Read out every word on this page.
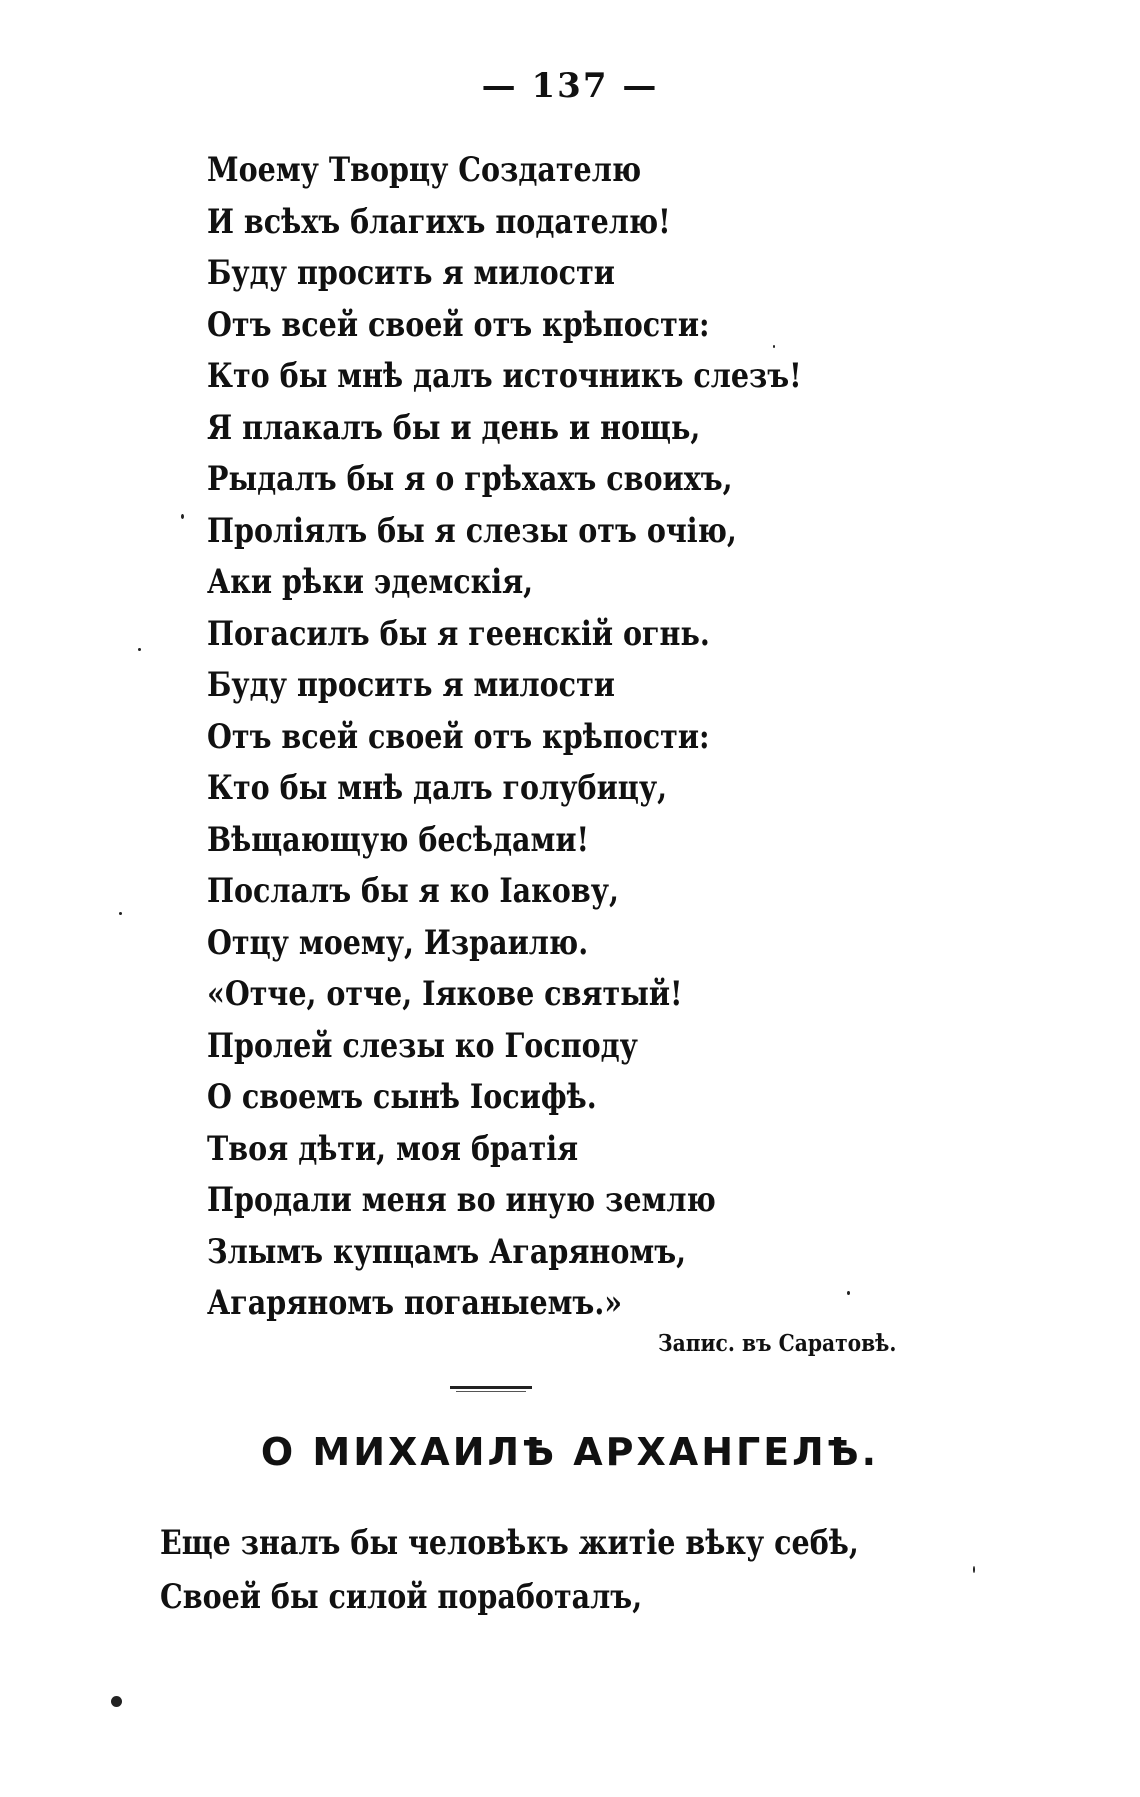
— 137 —
Моему Творцу Создателю
И всѣхъ благихъ подателю!
Буду просить я милости
Отъ всей своей отъ крѣпости:
Кто бы мнѣ далъ источникъ слезъ!
Я плакалъ бы и день и нощь,
Рыдалъ бы я о грѣхахъ своихъ,
Проліялъ бы я слезы отъ очію,
Аки рѣки эдемскія,
Погасилъ бы я геенскій огнь.
Буду просить я милости
Отъ всей своей отъ крѣпости:
Кто бы мнѣ далъ голубицу,
Вѣщающую бесѣдами!
Послалъ бы я ко Іакову,
Отцу моему, Израилю.
«Отче, отче, Іякове святый!
Пролей слезы ко Господу
О своемъ сынѣ Іосифѣ.
Твоя дѣти, моя братія
Продали меня во иную землю
Злымъ купцамъ Агаряномъ,
Агаряномъ поганыемъ.»
Запис. въ Саратовѣ.
О МИХАИЛѢ АРХАНГЕЛѢ.
Еще зналъ бы человѣкъ житіе вѣку себѣ,
Своей бы силой поработалъ,
